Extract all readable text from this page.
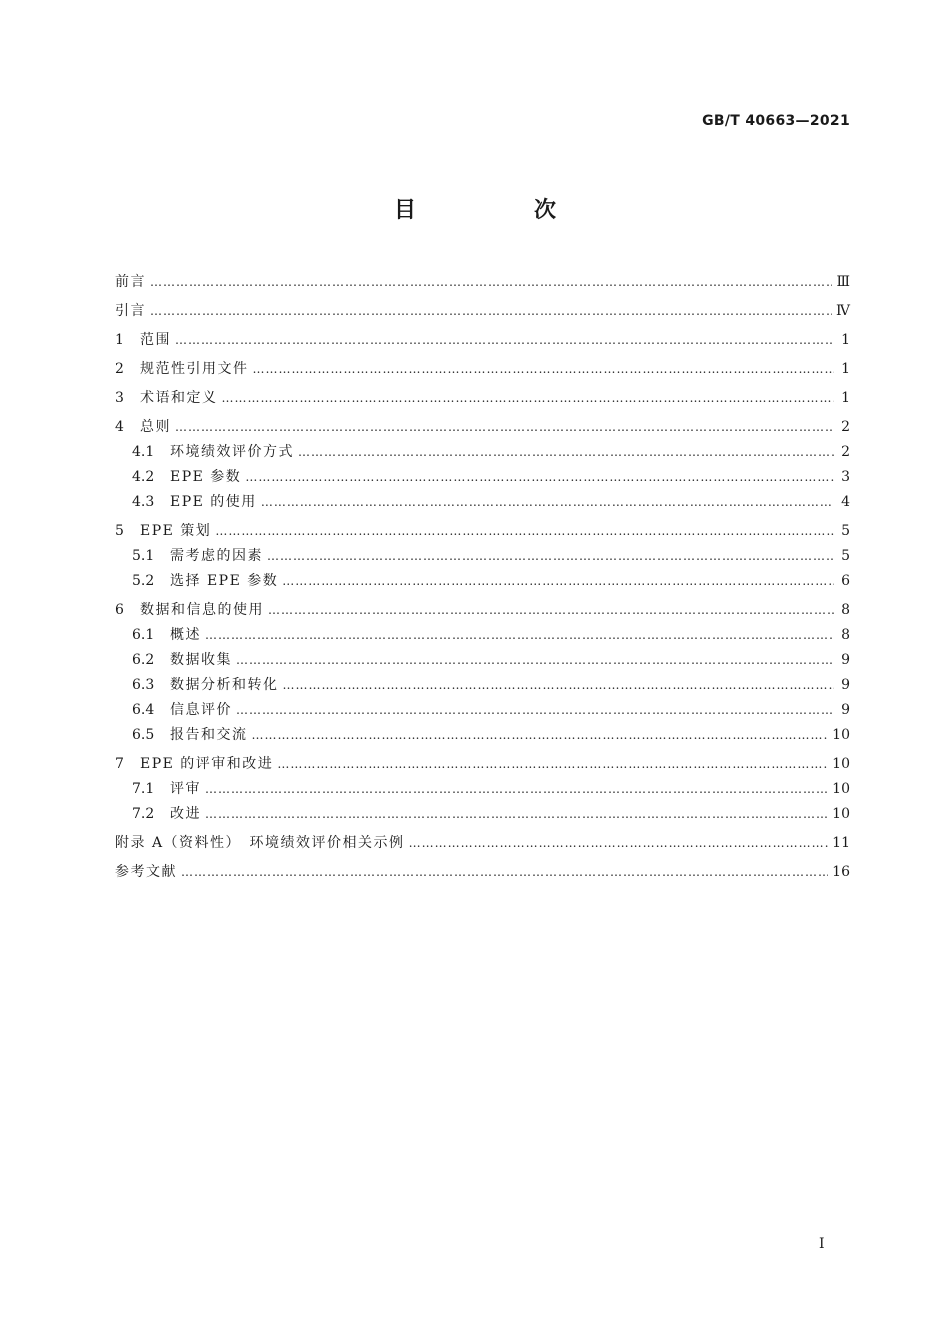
GB/T 40663—2021
目　次
前言 …………………………………………………………………………………………………………………………………………………………………………………………………………………………………	Ⅲ
引言 …………………………………………………………………………………………………………………………………………………………………………………………………………………………………	Ⅳ
1	范围 …………………………………………………………………………………………………………………………………………………………………………………………………………………………………	1
2	规范性引用文件 …………………………………………………………………………………………………………………………………………………………………………………………………………………………………	1
3	术语和定义 …………………………………………………………………………………………………………………………………………………………………………………………………………………………………	1
4	总则 …………………………………………………………………………………………………………………………………………………………………………………………………………………………………	2
4.1	环境绩效评价方式 …………………………………………………………………………………………………………………………………………………………………………………………………………………………………	2
4.2	EPE 参数 …………………………………………………………………………………………………………………………………………………………………………………………………………………………………	3
4.3	EPE 的使用 …………………………………………………………………………………………………………………………………………………………………………………………………………………………………	4
5	EPE 策划 …………………………………………………………………………………………………………………………………………………………………………………………………………………………………	5
5.1	需考虑的因素 …………………………………………………………………………………………………………………………………………………………………………………………………………………………………	5
5.2	选择 EPE 参数 …………………………………………………………………………………………………………………………………………………………………………………………………………………………………	6
6	数据和信息的使用 …………………………………………………………………………………………………………………………………………………………………………………………………………………………………	8
6.1	概述 …………………………………………………………………………………………………………………………………………………………………………………………………………………………………	8
6.2	数据收集 …………………………………………………………………………………………………………………………………………………………………………………………………………………………………	9
6.3	数据分析和转化 …………………………………………………………………………………………………………………………………………………………………………………………………………………………………	9
6.4	信息评价 …………………………………………………………………………………………………………………………………………………………………………………………………………………………………	9
6.5	报告和交流 …………………………………………………………………………………………………………………………………………………………………………………………………………………………………	10
7	EPE 的评审和改进 …………………………………………………………………………………………………………………………………………………………………………………………………………………………………	10
7.1	评审 …………………………………………………………………………………………………………………………………………………………………………………………………………………………………	10
7.2	改进 …………………………………………………………………………………………………………………………………………………………………………………………………………………………………	10
附录 A（资料性）　环境绩效评价相关示例 …………………………………………………………………………………………………………………………………………………………………………………………………………………………………	11
参考文献 …………………………………………………………………………………………………………………………………………………………………………………………………………………………………	16
I
